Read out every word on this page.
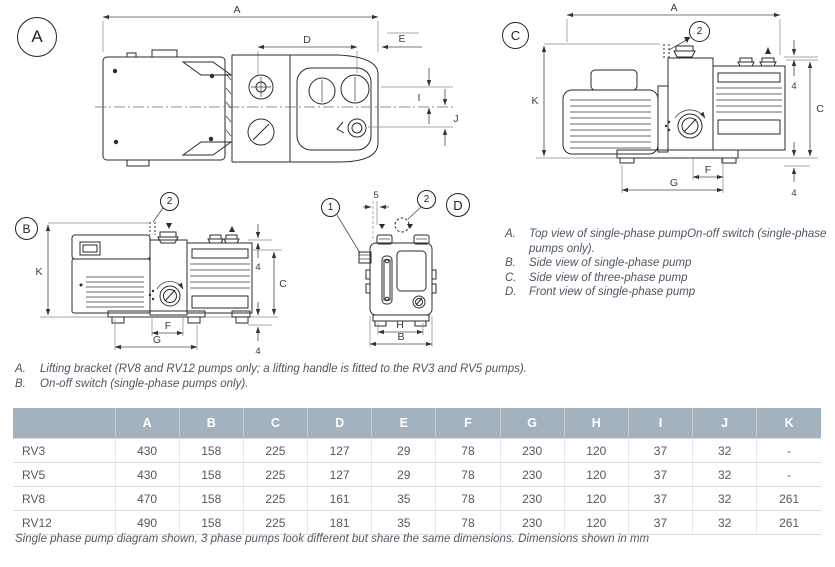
A
B
C
D
2
2
1
2
A
D	E
I
J
A
K
C
4
4
F
G
K
C
4
4
F
G
5
H
B
A.	Top view of single-phase pumpOn-off switch (single-phase pumps only).
B.	Side view of single-phase pump
C.	Side view of three-phase pump
D.	Front view of single-phase pump
A.	Lifting bracket (RV8 and RV12 pumps only; a lifting handle is fitted to the RV3 and RV5 pumps).
B.	On-off switch (single-phase pumps only).
	A	B	C	D	E	F	G	H	I	J	K
RV3	430	158	225	127	29	78	230	120	37	32	-
RV5	430	158	225	127	29	78	230	120	37	32	-
RV8	470	158	225	161	35	78	230	120	37	32	261
RV12	490	158	225	181	35	78	230	120	37	32	261
Single phase pump diagram shown, 3 phase pumps look different but share the same dimensions. Dimensions shown in mm
